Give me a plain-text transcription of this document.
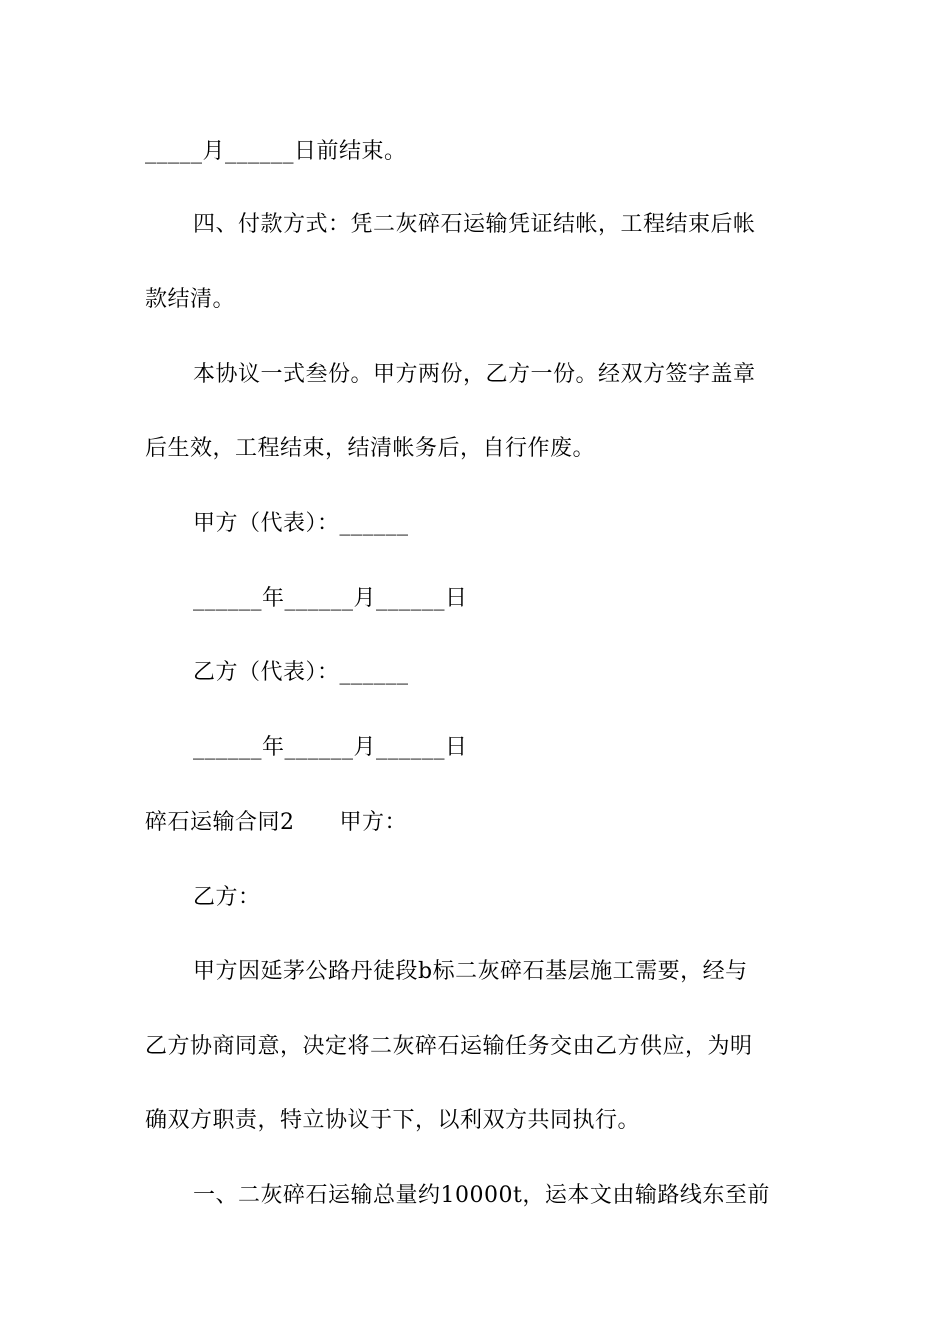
_____月______日前结束。
四、付款方式：凭二灰碎石运输凭证结帐，工程结束后帐
款结清。
本协议一式叁份。甲方两份，乙方一份。经双方签字盖章
后生效，工程结束，结清帐务后，自行作废。
甲方（代表）：______
______年______月______日
乙方（代表）：______
______年______月______日
碎石运输合同2　　甲方：
乙方：
甲方因延茅公路丹徒段b标二灰碎石基层施工需要，经与
乙方协商同意，决定将二灰碎石运输任务交由乙方供应，为明
确双方职责，特立协议于下，以利双方共同执行。
一、二灰碎石运输总量约10000t，运本文由输路线东至前
